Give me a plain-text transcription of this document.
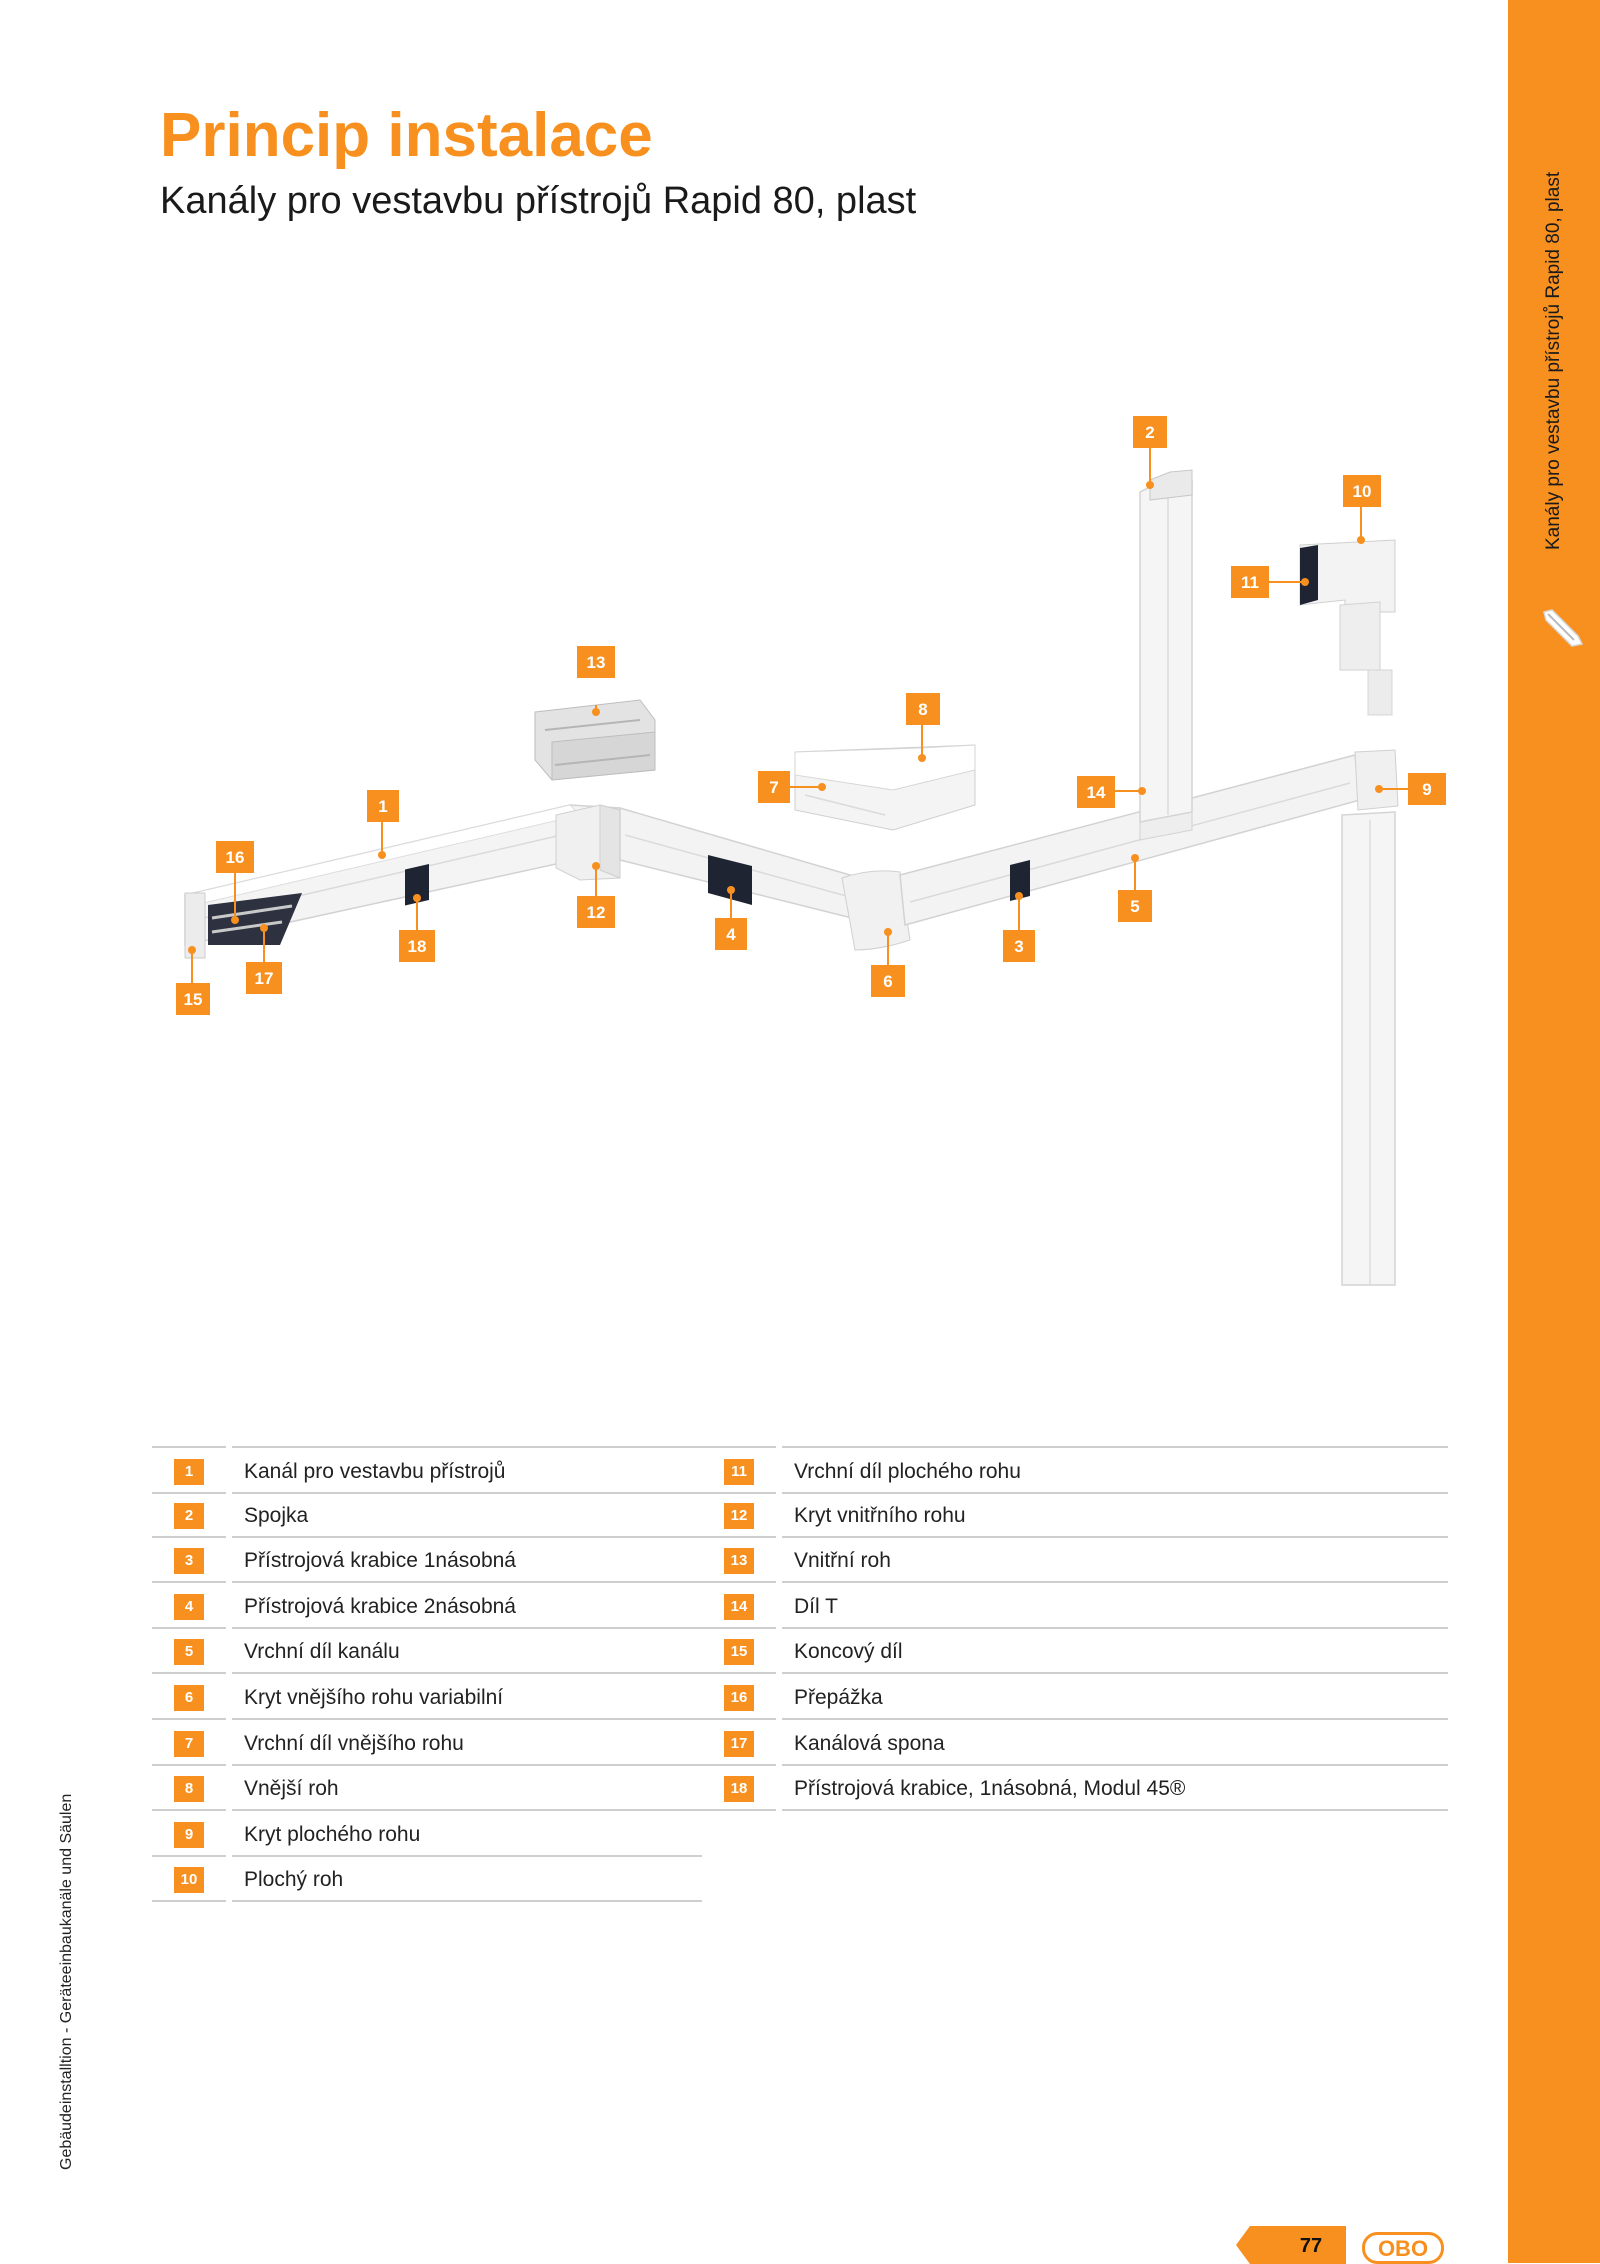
Kanály pro vestavbu přístrojů Rapid 80, plast
Princip instalace
Kanály pro vestavbu přístrojů Rapid 80, plast
1
2
3
4
5
6
7
8
9
10
11
12
13
14
15
16
17
18
1	Kanál pro vestavbu přístrojů
2	Spojka
3	Přístrojová krabice 1násobná
4	Přístrojová krabice 2násobná
5	Vrchní díl kanálu
6	Kryt vnějšího rohu variabilní
7	Vrchní díl vnějšího rohu
8	Vnější roh
9	Kryt plochého rohu
10	Plochý roh
11	Vrchní díl plochého rohu
12	Kryt vnitřního rohu
13	Vnitřní roh
14	Díl T
15	Koncový díl
16	Přepážka
17	Kanálová spona
18	Přístrojová krabice, 1násobná, Modul 45®
Gebäudeinstalltion - Geräteeinbaukanäle und Säulen
77	OBO
